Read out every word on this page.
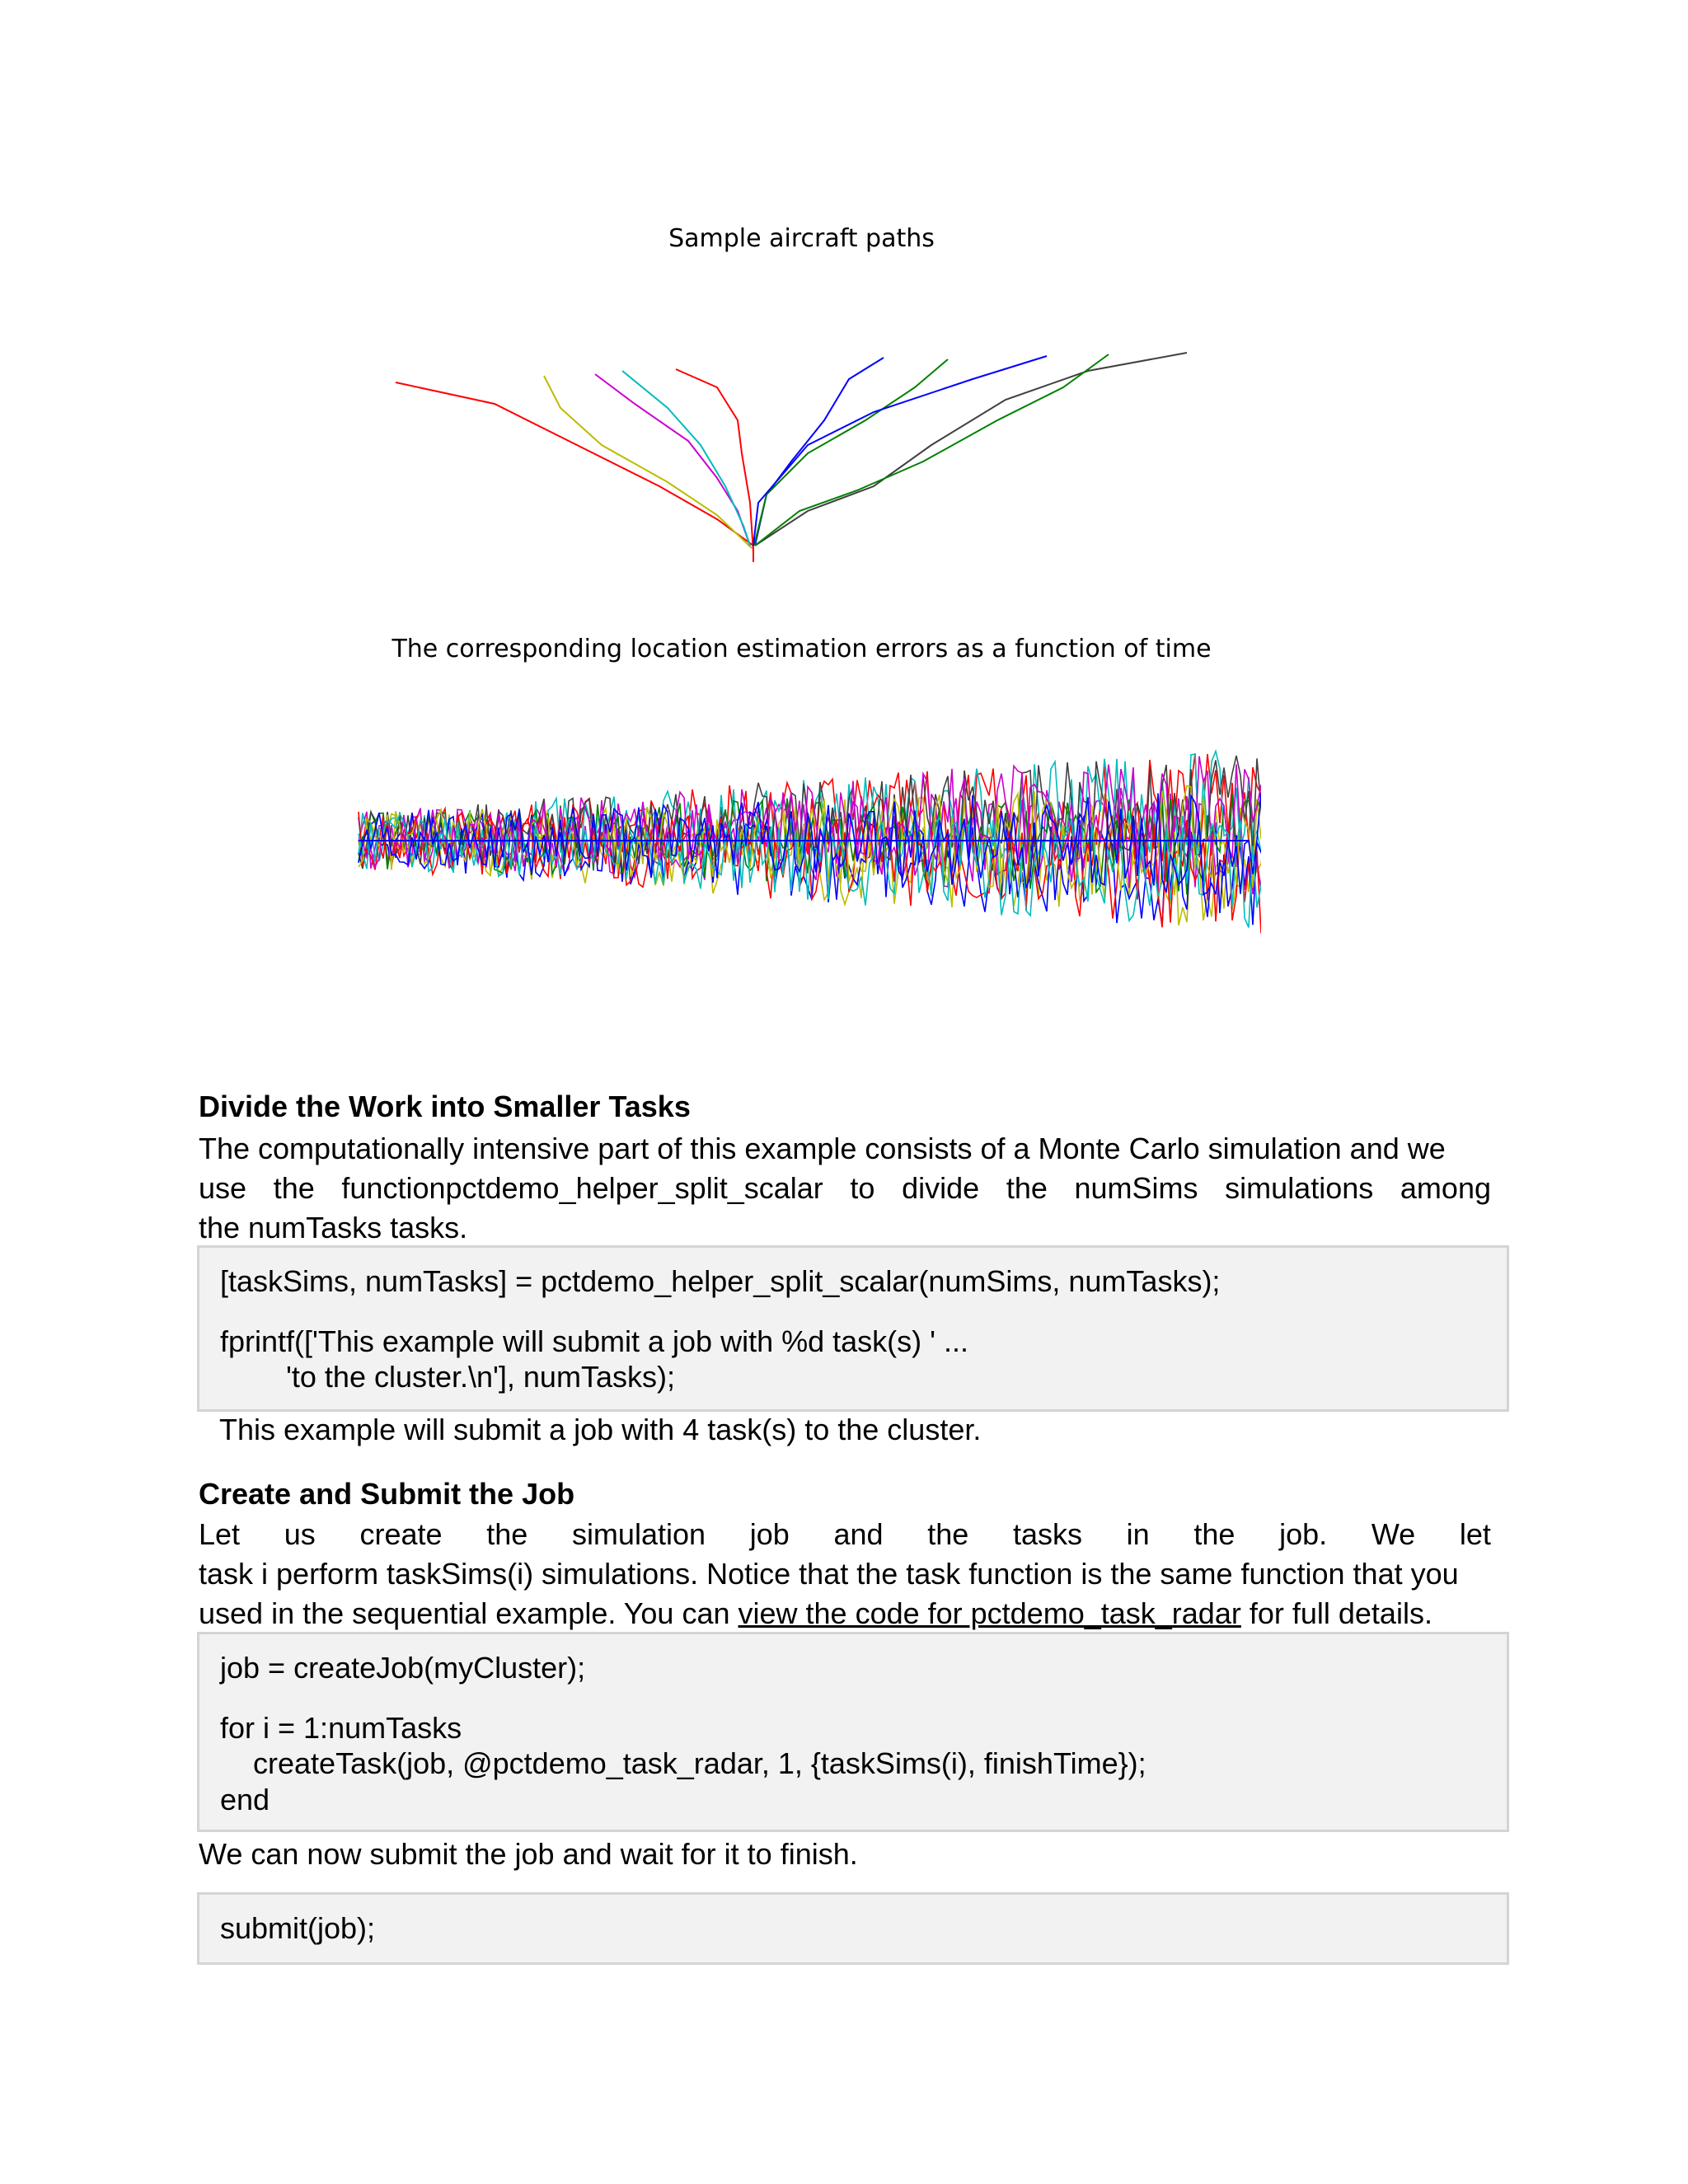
Sample aircraft paths
The corresponding location estimation errors as a function of time
Divide the Work into Smaller Tasks
The computationally intensive part of this example consists of a Monte Carlo simulation and we
use the functionpctdemo_helper_split_scalar to divide the numSims simulations among
the numTasks tasks.
[taskSims, numTasks] = pctdemo_helper_split_scalar(numSims, numTasks);
fprintf(['This example will submit a job with %d task(s) ' ...
'to the cluster.\n'], numTasks);
This example will submit a job with 4 task(s) to the cluster.
Create and Submit the Job
Let us create the simulation job and the tasks in the job. We let
task i perform taskSims(i) simulations. Notice that the task function is the same function that you
used in the sequential example. You can view the code for pctdemo_task_radar for full details.
job = createJob(myCluster);
for i = 1:numTasks
createTask(job, @pctdemo_task_radar, 1, {taskSims(i), finishTime});
end
We can now submit the job and wait for it to finish.
submit(job);
